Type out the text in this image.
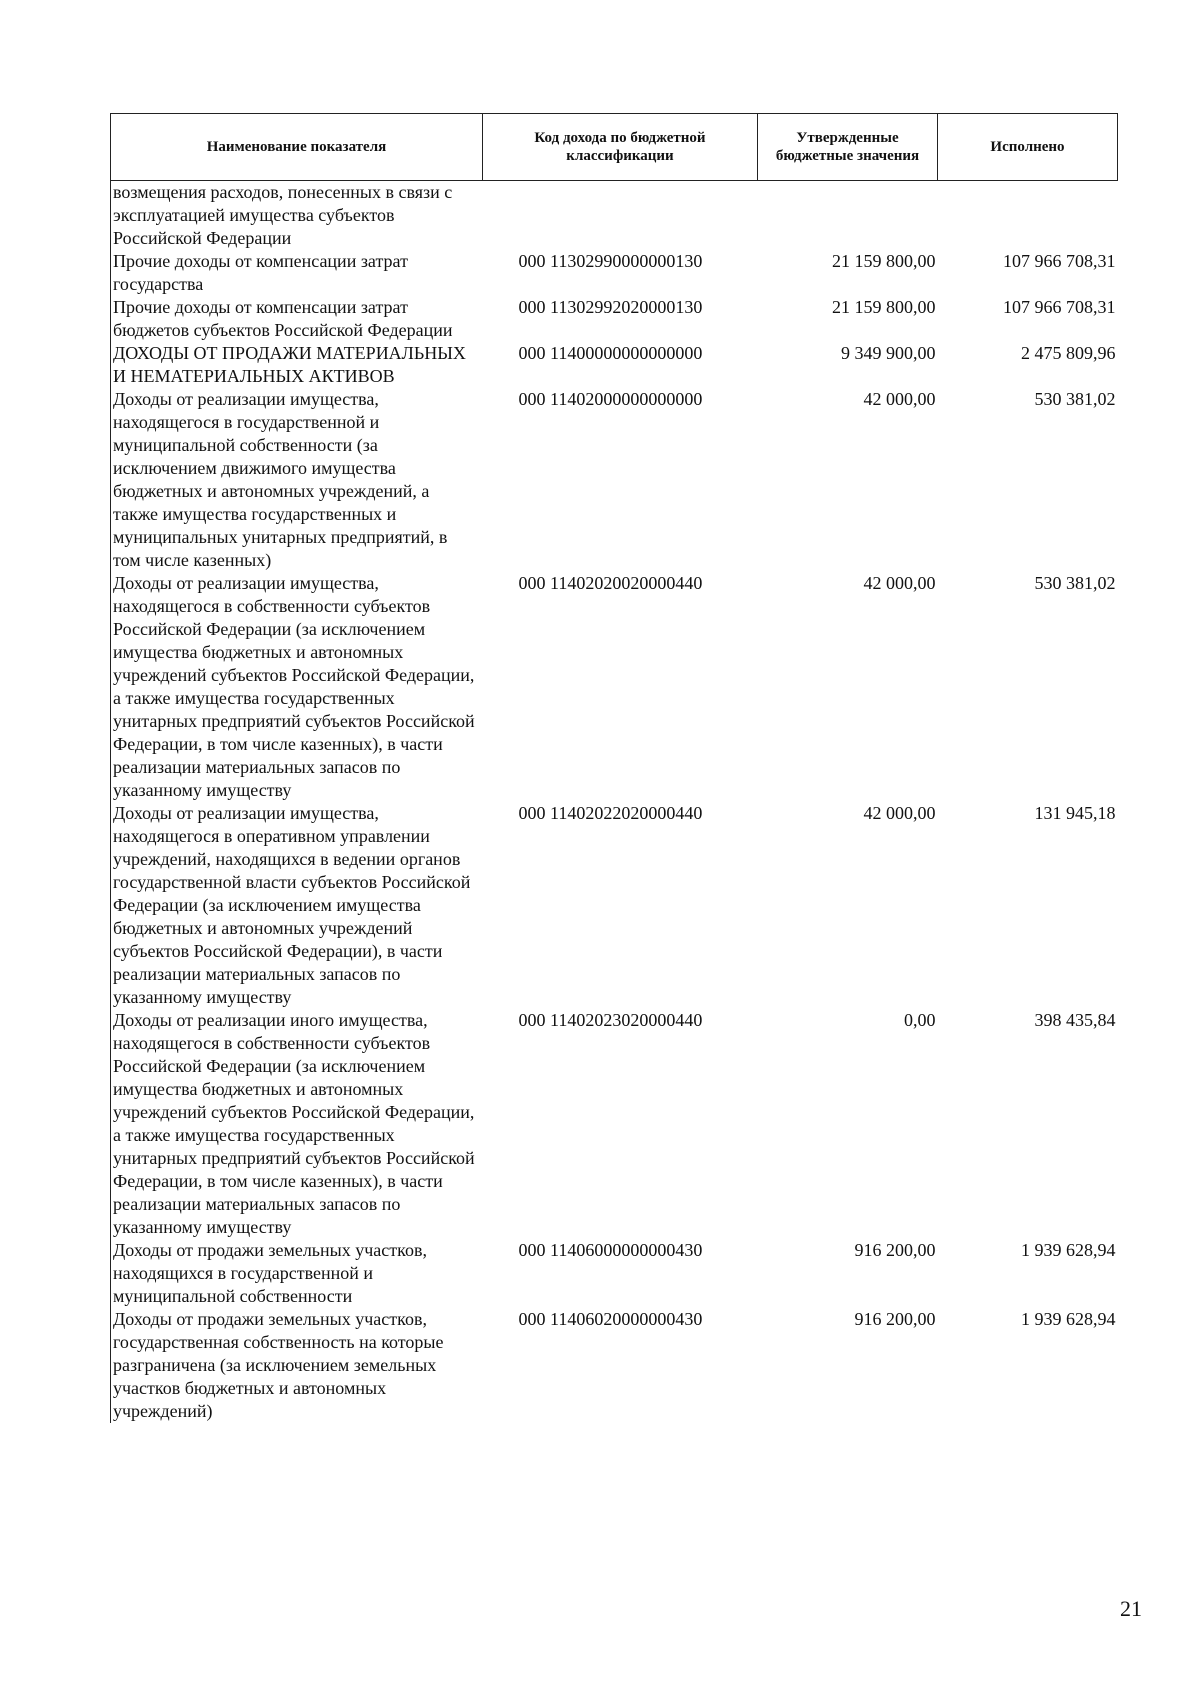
Наименование показателя	Код дохода по бюджетной классификации	Утвержденные бюджетные значения	Исполнено
возмещения расходов, понесенных в связи с эксплуатацией имущества субъектов Российской Федерации			
Прочие доходы от компенсации затрат государства	000 11302990000000130	21 159 800,00	107 966 708,31
Прочие доходы от компенсации затрат бюджетов субъектов Российской Федерации	000 11302992020000130	21 159 800,00	107 966 708,31
ДОХОДЫ ОТ ПРОДАЖИ МАТЕРИАЛЬНЫХ И НЕМАТЕРИАЛЬНЫХ АКТИВОВ	000 11400000000000000	9 349 900,00	2 475 809,96
Доходы от реализации имущества, находящегося в государственной и муниципальной собственности (за исключением движимого имущества бюджетных и автономных учреждений, а также имущества государственных и муниципальных унитарных предприятий, в том числе казенных)	000 11402000000000000	42 000,00	530 381,02
Доходы от реализации имущества, находящегося в собственности субъектов Российской Федерации (за исключением имущества бюджетных и автономных учреждений субъектов Российской Федерации, а также имущества государственных унитарных предприятий субъектов Российской Федерации, в том числе казенных), в части реализации материальных запасов по указанному имуществу	000 11402020020000440	42 000,00	530 381,02
Доходы от реализации имущества, находящегося в оперативном управлении учреждений, находящихся в ведении органов государственной власти субъектов Российской Федерации (за исключением имущества бюджетных и автономных учреждений субъектов Российской Федерации), в части реализации материальных запасов по указанному имуществу	000 11402022020000440	42 000,00	131 945,18
Доходы от реализации иного имущества, находящегося в собственности субъектов Российской Федерации (за исключением имущества бюджетных и автономных учреждений субъектов Российской Федерации, а также имущества государственных унитарных предприятий субъектов Российской Федерации, в том числе казенных), в части реализации материальных запасов по указанному имуществу	000 11402023020000440	0,00	398 435,84
Доходы от продажи земельных участков, находящихся в государственной и муниципальной собственности	000 11406000000000430	916 200,00	1 939 628,94
Доходы от продажи земельных участков, государственная собственность на которые разграничена (за исключением земельных участков бюджетных и автономных учреждений)	000 11406020000000430	916 200,00	1 939 628,94
21
